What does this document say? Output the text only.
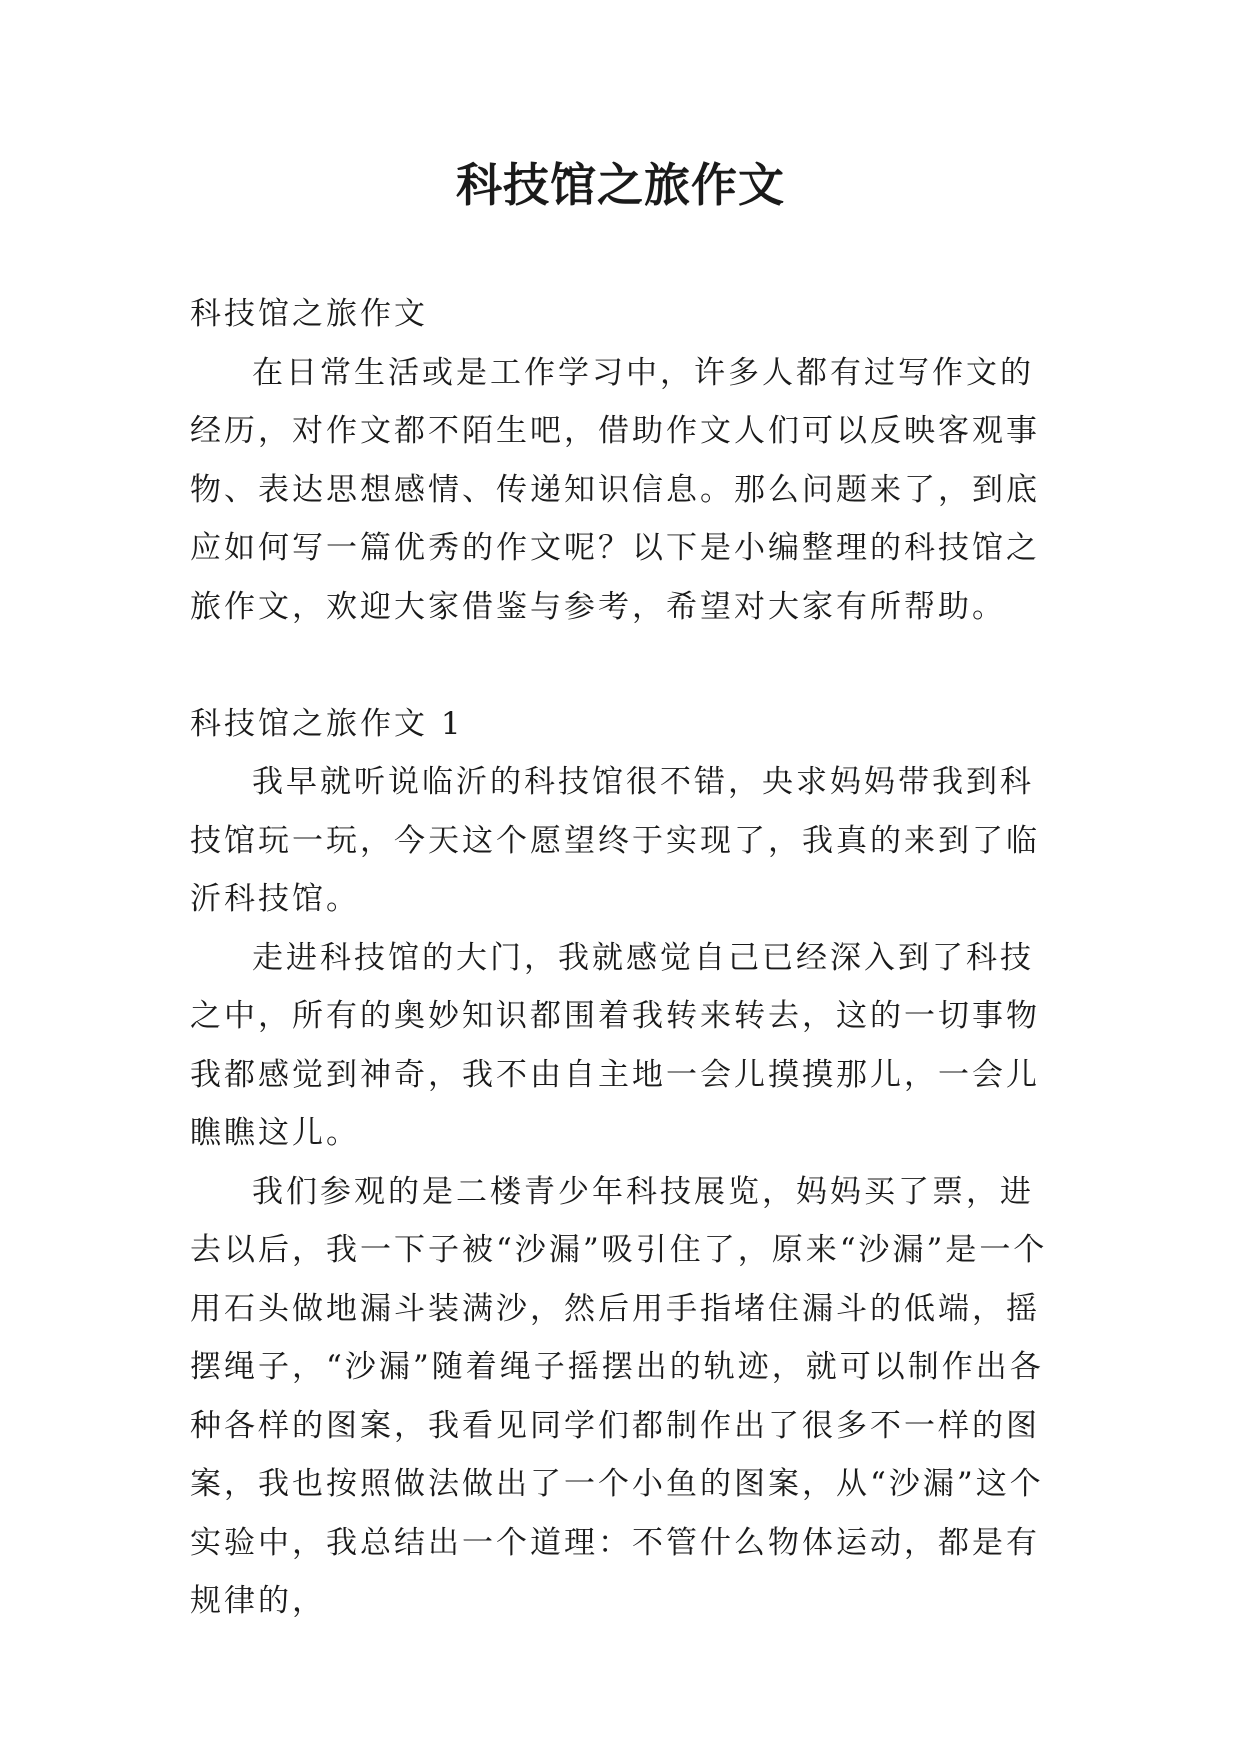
科技馆之旅作文

科技馆之旅作文

在日常生活或是工作学习中，许多人都有过写作文的经历，对作文都不陌生吧，借助作文人们可以反映客观事物、表达思想感情、传递知识信息。那么问题来了，到底应如何写一篇优秀的作文呢？以下是小编整理的科技馆之旅作文，欢迎大家借鉴与参考，希望对大家有所帮助。

科技馆之旅作文 1

我早就听说临沂的科技馆很不错，央求妈妈带我到科技馆玩一玩，今天这个愿望终于实现了，我真的来到了临沂科技馆。

走进科技馆的大门，我就感觉自己已经深入到了科技之中，所有的奥妙知识都围着我转来转去，这的一切事物我都感觉到神奇，我不由自主地一会儿摸摸那儿，一会儿瞧瞧这儿。

我们参观的是二楼青少年科技展览，妈妈买了票，进去以后，我一下子被“沙漏”吸引住了，原来“沙漏”是一个用石头做地漏斗装满沙，然后用手指堵住漏斗的低端，摇摆绳子，“沙漏”随着绳子摇摆出的轨迹，就可以制作出各种各样的图案，我看见同学们都制作出了很多不一样的图案，我也按照做法做出了一个小鱼的图案，从“沙漏”这个实验中，我总结出一个道理：不管什么物体运动，都是有规律的，
